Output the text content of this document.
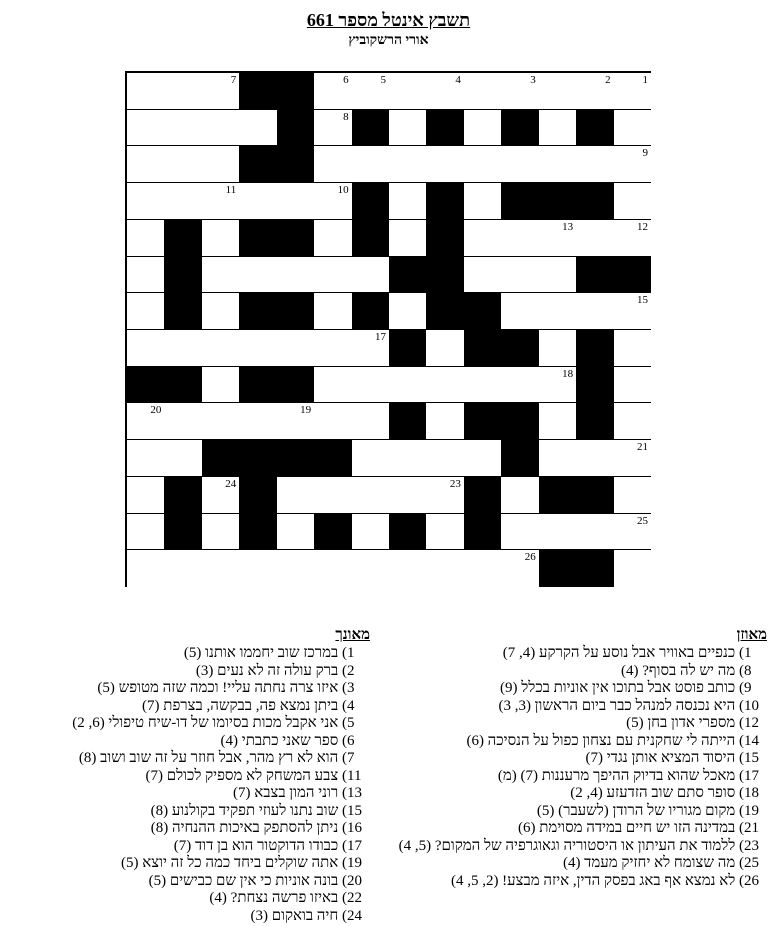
תשבץ אינטל מספר 661
אורי הרשקוביץ
1
2
3
4
5
6
7
8
9
10
11
12
13
14
15
16
17
18
19
20
21
22
23
24
25
26
מאוזן
1) כנפיים באוויר אבל נוסע על הקרקע (4, 7)
8) מה יש לה בסוף? (4)
9) כותב פוסט אבל בתוכו אין אוניות בכלל (9)
10) היא נכנסה למנהל כבר ביום הראשון (3, 3)
12) מספרי אדון בחן (5)
14) הייתה לי שחקנית עם נצחון כפול על הנסיכה (6)
15) היסוד המציא אותן נגדי (7)
17) מאכל שהוא בדיוק ההיפך מרעננות (7) (מ)
18) סופר סתם שוב הזדעזע (4, 2)
19) מקום מגוריו של הרודן (לשעבר) (5)
21) במדינה הזו יש חיים במידה מסוימת (6)
23) ללמוד את העיתון או היסטוריה וגאוגרפיה של המקום? (5, 4)
25) מה שצומח לא יחזיק מעמד (4)
26) לא נמצא אף באג בפסק הדין, איזה מבצע! (2, 5, 4)
מאונך
1) במרכז שוב יחממו אותנו (5)
2) ברק עולה זה לא נעים (3)
3) איזו צרה נחתה עליי! וכמה שזה מטופש (5)
4) ביתן נמצא פה, בבקשה, בצרפת (7)
5) אני אקבל מכות בסיומו של דו-שיח טיפולי (6, 2)
6) ספר שאני כתבתי (4)
7) הוא לא רץ מהר, אבל חוזר על זה שוב ושוב (8)
11) צבע המשחק לא מספיק לכולם (7)
13) רוני המון בצבא (7)
15) שוב נתנו לעוזי תפקיד בקולנוע (8)
16) ניתן להסתפק באיכות ההנחיה (8)
17) כבודו הדוקטור הוא בן דוד (7)
19) אתה שוקלים ביחד כמה כל זה יוצא (5)
20) בונה אוניות כי אין שם כבישים (5)
22) באיזו פרשה נצחת? (4)
24) חיה בואקום (3)
